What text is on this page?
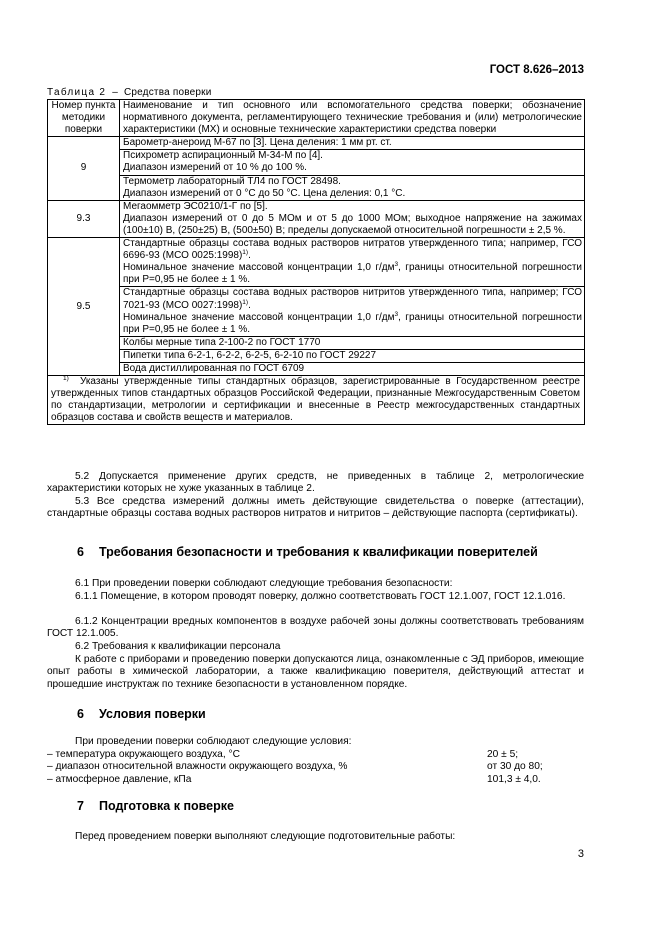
ГОСТ 8.626–2013
Таблица 2 – Средства поверки
Номер пункта методики поверки	Наименование и тип основного или вспомогательного средства поверки; обозначение нормативного документа, регламентирующего технические требования и (или) метрологические характеристики (МХ) и основные технические характеристики средства поверки
9	Барометр-анероид М-67 по [3]. Цена деления: 1 мм рт. ст.

	Психрометр аспирационный М-34-М по [4].
Диапазон измерений от 10 % до 100 %.

	Термометр лабораторный ТЛ4 по ГОСТ 28498.
Диапазон измерений от 0 °С до 50 °С. Цена деления: 0,1 °С.

9.3	Мегаомметр ЭС0210/1-Г по [5].
Диапазон измерений от 0 до 5 МОм и от 5 до 1000 МОм; выходное напряжение на зажимах (100±10) В, (250±25) В, (500±50) В; пределы допускаемой относительной погрешности ± 2,5 %.

9.5	Стандартные образцы состава водных растворов нитратов утвержденного типа; например, ГСО 6696-93 (МСО 0025:1998)$^{1)}$.
Номинальное значение массовой концентрации 1,0 $г/дм^3$, границы относительной погрешности при Р=0,95 не более ± 1 %.

	Стандартные образцы состава водных растворов нитритов утвержденного типа, например; ГСО 7021-93 (МСО 0027:1998)$^{1)}$.
Номинальное значение массовой концентрации 1,0 $г/дм^3$, границы относительной погрешности при Р=0,95 не более ± 1 %.

	Колбы мерные типа 2-100-2 по ГОСТ 1770
	Пипетки типа 6-2-1, 6-2-2, 6-2-5, 6-2-10 по ГОСТ 29227
	Вода дистиллированная по ГОСТ 6709
$^{1)}$ Указаны утвержденные типы стандартных образцов, зарегистрированные в Государственном реестре утвержденных типов стандартных образцов Российской Федерации, признанные Межгосударственным Советом по стандартизации, метрологии и сертификации и внесенные в Реестр межгосударственных стандартных образцов состава и свойств веществ и материалов.	
5.2 Допускается применение других средств, не приведенных в таблице 2, метрологические характеристики которых не хуже указанных в таблице 2.
5.3 Все средства измерений должны иметь действующие свидетельства о поверке (аттестации), стандартные образцы состава водных растворов нитратов и нитритов – действующие паспорта (сертификаты).
6 Требования безопасности и требования к квалификации поверителей
6.1 При проведении поверки соблюдают следующие требования безопасности:
6.1.1 Помещение, в котором проводят поверку, должно соответствовать ГОСТ 12.1.007, ГОСТ 12.1.016.
6.1.2 Концентрации вредных компонентов в воздухе рабочей зоны должны соответствовать требованиям ГОСТ 12.1.005.
6.2 Требования к квалификации персонала
К работе с приборами и проведению поверки допускаются лица, ознакомленные с ЭД приборов, имеющие опыт работы в химической лаборатории, а также квалификацию поверителя, действующий аттестат и прошедшие инструктаж по технике безопасности в установленном порядке.
6 Условия поверки
При проведении поверки соблюдают следующие условия:
– температура окружающего воздуха, °С	20 ± 5;
– диапазон относительной влажности окружающего воздуха, %	от 30 до 80;
– атмосферное давление, кПа	101,3 ± 4,0.
7 Подготовка к поверке
Перед проведением поверки выполняют следующие подготовительные работы:
3
